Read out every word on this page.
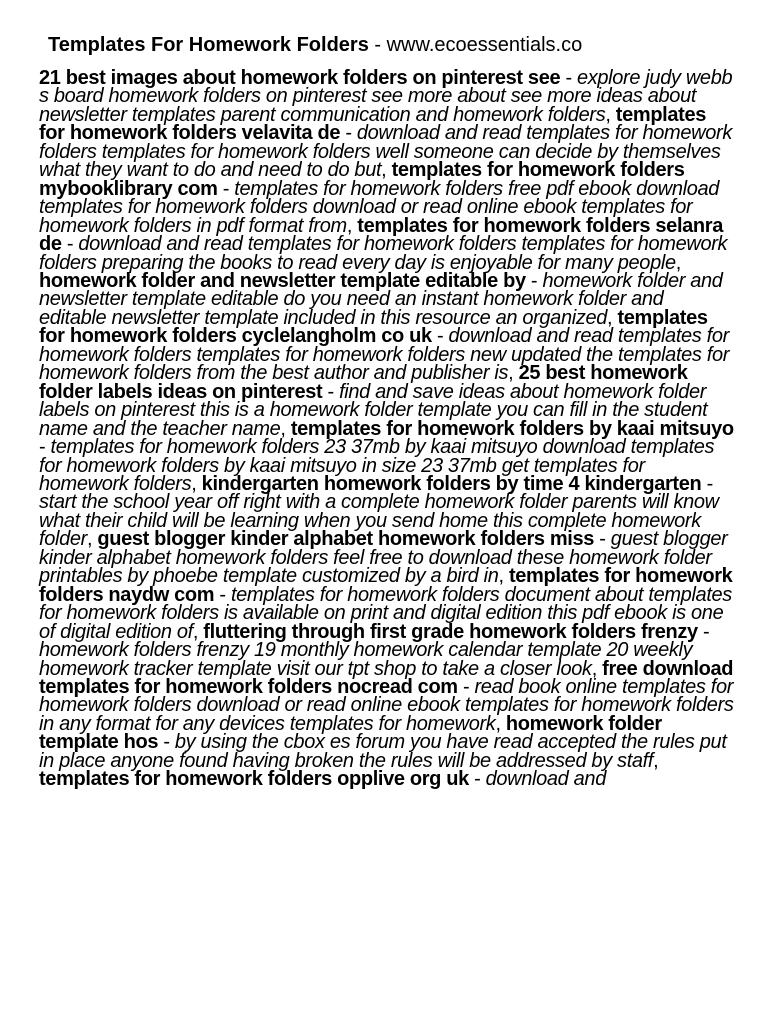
Templates For Homework Folders - www.ecoessentials.co
21 best images about homework folders on pinterest see - explore judy webb s board homework folders on pinterest see more about see more ideas about newsletter templates parent communication and homework folders, templates for homework folders velavita de - download and read templates for homework folders templates for homework folders well someone can decide by themselves what they want to do and need to do but, templates for homework folders mybooklibrary com - templates for homework folders free pdf ebook download templates for homework folders download or read online ebook templates for homework folders in pdf format from, templates for homework folders selanra de - download and read templates for homework folders templates for homework folders preparing the books to read every day is enjoyable for many people, homework folder and newsletter template editable by - homework folder and newsletter template editable do you need an instant homework folder and editable newsletter template included in this resource an organized, templates for homework folders cyclelangholm co uk - download and read templates for homework folders templates for homework folders new updated the templates for homework folders from the best author and publisher is, 25 best homework folder labels ideas on pinterest - find and save ideas about homework folder labels on pinterest this is a homework folder template you can fill in the student name and the teacher name, templates for homework folders by kaai mitsuyo - templates for homework folders 23 37mb by kaai mitsuyo download templates for homework folders by kaai mitsuyo in size 23 37mb get templates for homework folders, kindergarten homework folders by time 4 kindergarten - start the school year off right with a complete homework folder parents will know what their child will be learning when you send home this complete homework folder, guest blogger kinder alphabet homework folders miss - guest blogger kinder alphabet homework folders feel free to download these homework folder printables by phoebe template customized by a bird in, templates for homework folders naydw com - templates for homework folders document about templates for homework folders is available on print and digital edition this pdf ebook is one of digital edition of, fluttering through first grade homework folders frenzy - homework folders frenzy 19 monthly homework calendar template 20 weekly homework tracker template visit our tpt shop to take a closer look, free download templates for homework folders nocread com - read book online templates for homework folders download or read online ebook templates for homework folders in any format for any devices templates for homework, homework folder template hos - by using the cbox es forum you have read accepted the rules put in place anyone found having broken the rules will be addressed by staff, templates for homework folders opplive org uk - download and
